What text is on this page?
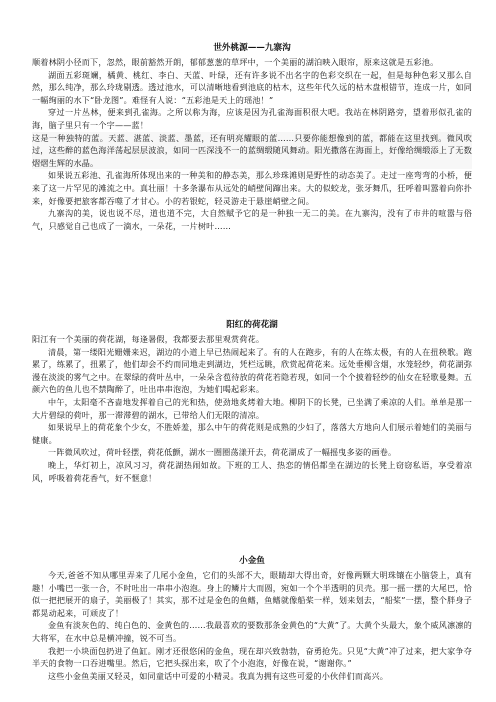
世外桃源——九寨沟

顺着林阴小径而下，忽然，眼前豁然开朗，郁郁葱葱的草坪中，一个美丽的湖泊映入眼帘，原来这就是五彩池。

湖面五彩斑斓，橘黄、桃红、李白、天蓝、叶绿，还有许多说不出名字的色彩交织在一起，但是每种色彩又那么自然，那么纯净，那么玲珑剔透。透过池水，可以清晰地看到池底的枯木，这些年代久远的枯木盘根错节，连成一片，如同一幅绚丽的水下“卧龙图”。难怪有人说：“五彩池是天上的瑶池！”

穿过一片丛林，便来到孔雀海。之所以称为海，应该是因为孔雀海面积很大吧。我站在林阴路旁，望着形似孔雀的海，脑子里只有一个字——蓝！

这是一种独特的蓝。天蓝、湛蓝、淡蓝、墨蓝，还有明亮耀眼的蓝……只要你能想像到的蓝，都能在这里找到。微风吹过，这些醉的蓝色海洋荡起层层波浪，如同一匹深浅不一的蓝绸缎随风舞动。阳光撒落在海面上，好像给绸缎添上了无数熠熠生辉的水晶。

如果说五彩池、孔雀海所体现出来的一种美和的静态美，那么珍珠滩则是野性的动态美了。走过一座弯弯的小桥，便来了这一片罕见的滩流之中。真壮丽！十多条瀑布从远处的峭壁间蹿出来。大的似蛟龙，张牙舞爪，狂呼着叫嚣着向你扑来，好像要把旅客都吞噬了才甘心。小的若银蛇，轻灵游走于悬崖峭壁之间。

九寨沟的美，说也说不尽，道也道不完，大自然赋予它的是一种独一无二的美。在九寨沟，没有了市井的喧嚣与俗气，只感觉自己也成了一滴水，一朵花，一片树叶……

阳红的荷花湖

阳江有一个美丽的荷花湖，每逢暑假，我都要去那里观赏荷花。

清晨，第一缕阳光姗姗来迟，湖边的小道上早已热闹起来了。有的人在跑步，有的人在练太极，有的人在扭秧歌。跑累了，练累了，扭累了，他们却会不约而同地走到湖边，凭栏远眺，欣赏起荷花来。远处垂柳含烟，水笼轻纱，荷花湖弥漫在淡淡的雾气之中。在翠绿的荷叶丛中，一朵朵含苞待放的荷花若隐若现，如同一个个披着轻纱的仙女在轻歌曼舞。五颜六色的鱼儿也不禁陶醉了，吐出串串泡泡，为她们喝起彩来。

中午，太阳毫不吝啬地发挥着自己的光和热，使劲地炙烤着大地。柳阴下的长凳，已坐满了乘凉的人们。单单是那一大片碧绿的荷叶，那一滞滞碧的湖水，已带给人们无限的清凉。

如果说早上的荷花象个少女，不胜娇羞，那么中午的荷花则是成熟的少妇了，落落大方地向人们展示着她们的美丽与健康。

一阵微风吹过，荷叶轻摆，荷花低颤，湖水一圈圈荡漾开去，荷花湖成了一幅摇曳多姿的画卷。

晚上，华灯初上，凉风习习，荷花湖热闹如故。下班的工人、热恋的情侣都坐在湖边的长凳上窃窃私语，享受着凉风，呼吸着荷花香气，好不惬意！

小金鱼

今天,爸爸不知从哪里弄来了几尾小金鱼，它们的头部不大，眼睛却大得出奇，好像两颗大明珠镶在小脑袋上，真有趣！小嘴巴一张一合，不时吐出一串串小泡泡。身上的鳞片大而圆，宛如一个个半透明的贝壳。那一摇一摆的大尾巴，恰似一把把展开的扇子，美丽极了！其实，那不过是金色的鱼鳍，鱼鳍就像船桨一样，划来划去，“船桨”一摆，整个胖身子都晃动起来，可顽皮了！

金鱼有淡灰色的、纯白色的、金黄色的……我最喜欢的要数那条金黄色的“大黄”了。大黄个头最大，象个威风凛凛的大将军，在水中总是横冲撞，锐不可当。

我把一小块面包扔进了鱼缸。刚才还很悠闲的金鱼，现在却兴致勃勃，奋勇抢先。只见“大黄”冲了过来，把大家争夺半天的食物一口吞进嘴里。然后，它把头探出来，吹了个小泡泡，好像在说，“谢谢你。”

这些小金鱼美丽又轻灵，如同童话中可爱的小精灵。我真为拥有这些可爱的小伙伴们而高兴。
